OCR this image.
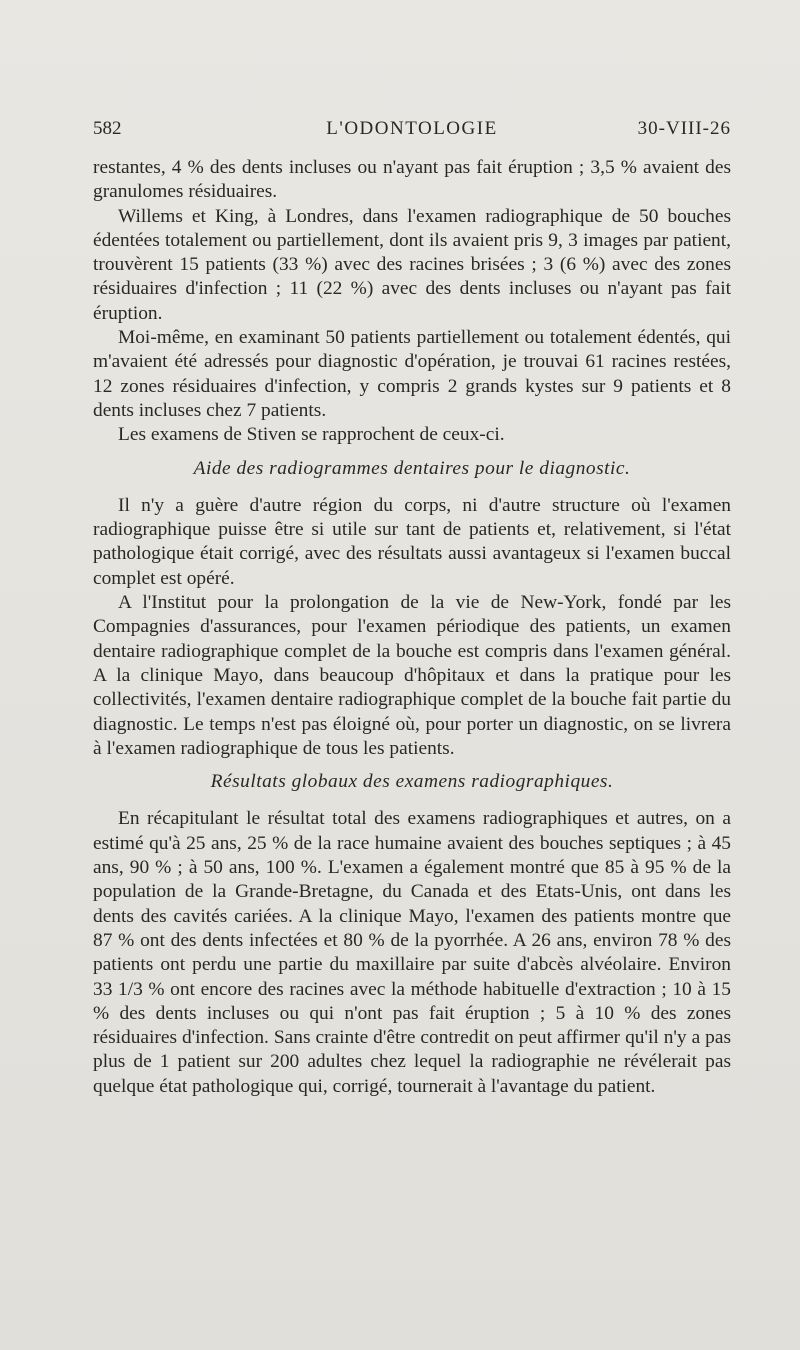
582	L'ODONTOLOGIE	30-VIII-26

restantes, 4 % des dents incluses ou n'ayant pas fait éruption ; 3,5 % avaient des granulomes résiduaires.

Willems et King, à Londres, dans l'examen radiographique de 50 bouches édentées totalement ou partiellement, dont ils avaient pris 9, 3 images par patient, trouvèrent 15 patients (33 %) avec des racines brisées ; 3 (6 %) avec des zones résiduaires d'infection ; 11 (22 %) avec des dents incluses ou n'ayant pas fait éruption.

Moi-même, en examinant 50 patients partiellement ou totalement édentés, qui m'avaient été adressés pour diagnostic d'opération, je trouvai 61 racines restées, 12 zones résiduaires d'infection, y compris 2 grands kystes sur 9 patients et 8 dents incluses chez 7 patients.

Les examens de Stiven se rapprochent de ceux-ci.

Aide des radiogrammes dentaires pour le diagnostic.

Il n'y a guère d'autre région du corps, ni d'autre structure où l'examen radiographique puisse être si utile sur tant de patients et, relativement, si l'état pathologique était corrigé, avec des résultats aussi avantageux si l'examen buccal complet est opéré.

A l'Institut pour la prolongation de la vie de New-York, fondé par les Compagnies d'assurances, pour l'examen périodique des patients, un examen dentaire radiographique complet de la bouche est compris dans l'examen général. A la clinique Mayo, dans beaucoup d'hôpitaux et dans la pratique pour les collectivités, l'examen dentaire radiographique complet de la bouche fait partie du diagnostic. Le temps n'est pas éloigné où, pour porter un diagnostic, on se livrera à l'examen radiographique de tous les patients.

Résultats globaux des examens radiographiques.

En récapitulant le résultat total des examens radiographiques et autres, on a estimé qu'à 25 ans, 25 % de la race humaine avaient des bouches septiques ; à 45 ans, 90 % ; à 50 ans, 100 %. L'examen a également montré que 85 à 95 % de la population de la Grande-Bretagne, du Canada et des Etats-Unis, ont dans les dents des cavités cariées. A la clinique Mayo, l'examen des patients montre que 87 % ont des dents infectées et 80 % de la pyorrhée. A 26 ans, environ 78 % des patients ont perdu une partie du maxillaire par suite d'abcès alvéolaire. Environ 33 1/3 % ont encore des racines avec la méthode habituelle d'extraction ; 10 à 15 % des dents incluses ou qui n'ont pas fait éruption ; 5 à 10 % des zones résiduaires d'infection. Sans crainte d'être contredit on peut affirmer qu'il n'y a pas plus de 1 patient sur 200 adultes chez lequel la radiographie ne révélerait pas quelque état pathologique qui, corrigé, tournerait à l'avantage du patient.
